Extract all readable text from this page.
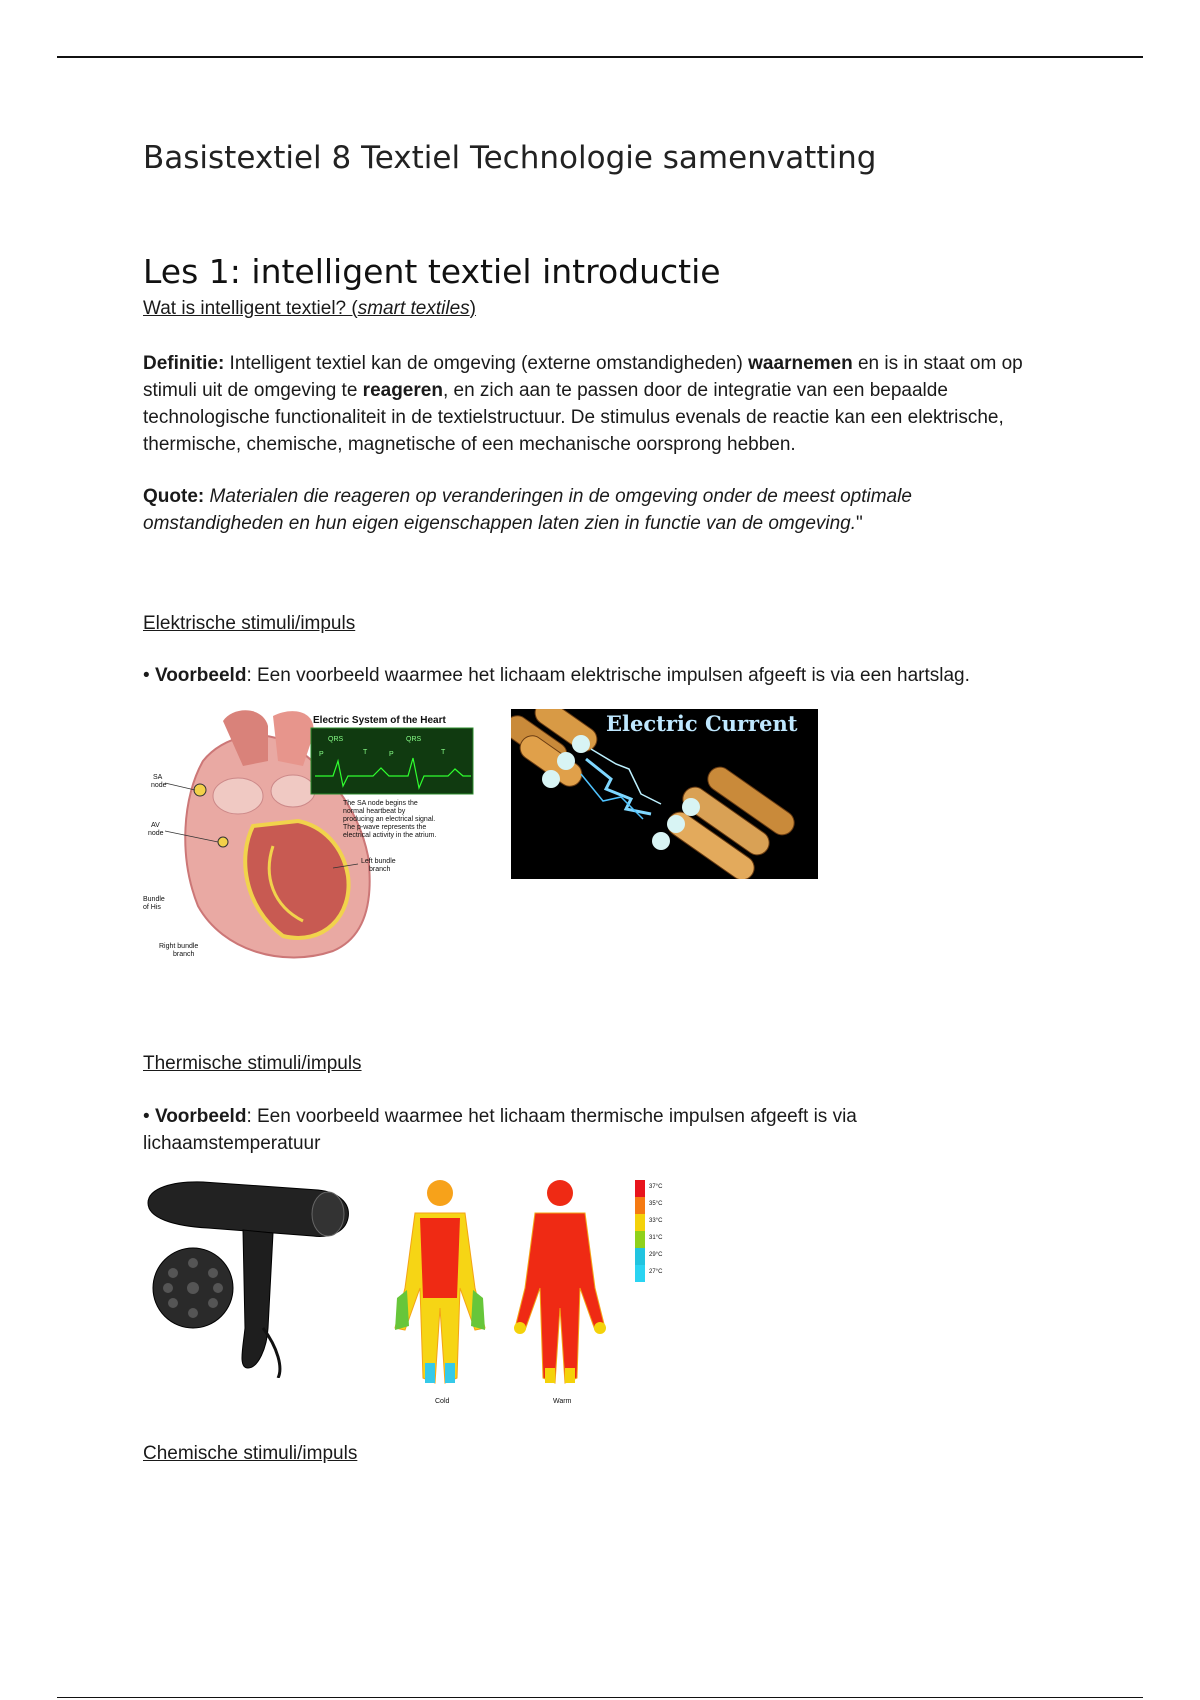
Basistextiel 8 Textiel Technologie samenvatting
Les 1: intelligent textiel introductie

Wat is intelligent textiel? (smart textiles)

Definitie: Intelligent textiel kan de omgeving (externe omstandigheden) waarnemen en is in staat om op stimuli uit de omgeving te reageren, en zich aan te passen door de integratie van een bepaalde technologische functionaliteit in de textielstructuur. De stimulus evenals de reactie kan een elektrische, thermische, chemische, magnetische of een mechanische oorsprong hebben.

Quote: Materialen die reageren op veranderingen in de omgeving onder de meest optimale omstandigheden en hun eigen eigenschappen laten zien in functie van de omgeving."

Elektrische stimuli/impuls

• Voorbeeld: Een voorbeeld waarmee het lichaam elektrische impulsen afgeeft is via een hartslag.

Electric System of the Heart
QRS	QRS
P	T	P	T
The SA node begins the
normal heartbeat by
producing an electrical signal.
The p-wave represents the
electrical activity in the atrium.
SA
node
AV
node
Bundle
of His
Left bundle
branch
Right bundle
branch
Electric Current

Thermische stimuli/impuls

• Voorbeeld: Een voorbeeld waarmee het lichaam thermische impulsen afgeeft is via lichaamstemperatuur

Cold	Warm
37°C
35°C
33°C
31°C
29°C
27°C

Chemische stimuli/impuls
